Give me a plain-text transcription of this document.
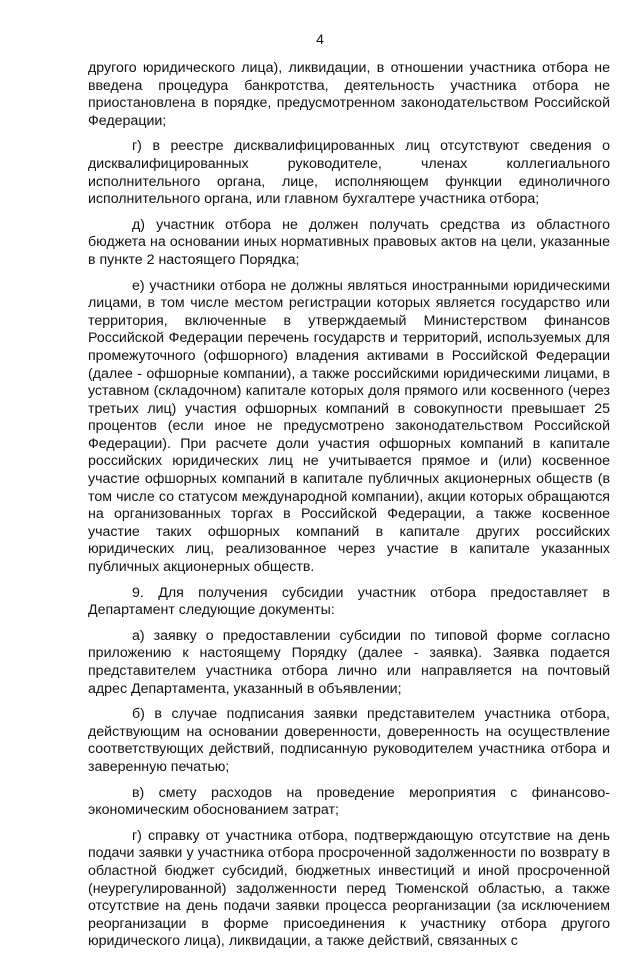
4

другого юридического лица), ликвидации, в отношении участника отбора не введена процедура банкротства, деятельность участника отбора не приостановлена в порядке, предусмотренном законодательством Российской Федерации;

г) в реестре дисквалифицированных лиц отсутствуют сведения о дисквалифицированных руководителе, членах коллегиального исполнительного органа, лице, исполняющем функции единоличного исполнительного органа, или главном бухгалтере участника отбора;

д) участник отбора не должен получать средства из областного бюджета на основании иных нормативных правовых актов на цели, указанные в пункте 2 настоящего Порядка;

е) участники отбора не должны являться иностранными юридическими лицами, в том числе местом регистрации которых является государство или территория, включенные в утверждаемый Министерством финансов Российской Федерации перечень государств и территорий, используемых для промежуточного (офшорного) владения активами в Российской Федерации (далее - офшорные компании), а также российскими юридическими лицами, в уставном (складочном) капитале которых доля прямого или косвенного (через третьих лиц) участия офшорных компаний в совокупности превышает 25 процентов (если иное не предусмотрено законодательством Российской Федерации). При расчете доли участия офшорных компаний в капитале российских юридических лиц не учитывается прямое и (или) косвенное участие офшорных компаний в капитале публичных акционерных обществ (в том числе со статусом международной компании), акции которых обращаются на организованных торгах в Российской Федерации, а также косвенное участие таких офшорных компаний в капитале других российских юридических лиц, реализованное через участие в капитале указанных публичных акционерных обществ.

9. Для получения субсидии участник отбора предоставляет в Департамент следующие документы:

а) заявку о предоставлении субсидии по типовой форме согласно приложению к настоящему Порядку (далее - заявка). Заявка подается представителем участника отбора лично или направляется на почтовый адрес Департамента, указанный в объявлении;

б) в случае подписания заявки представителем участника отбора, действующим на основании доверенности, доверенность на осуществление соответствующих действий, подписанную руководителем участника отбора и заверенную печатью;

в) смету расходов на проведение мероприятия с финансово-экономическим обоснованием затрат;

г) справку от участника отбора, подтверждающую отсутствие на день подачи заявки у участника отбора просроченной задолженности по возврату в областной бюджет субсидий, бюджетных инвестиций и иной просроченной (неурегулированной) задолженности перед Тюменской областью, а также отсутствие на день подачи заявки процесса реорганизации (за исключением реорганизации в форме присоединения к участнику отбора другого юридического лица), ликвидации, а также действий, связанных с
